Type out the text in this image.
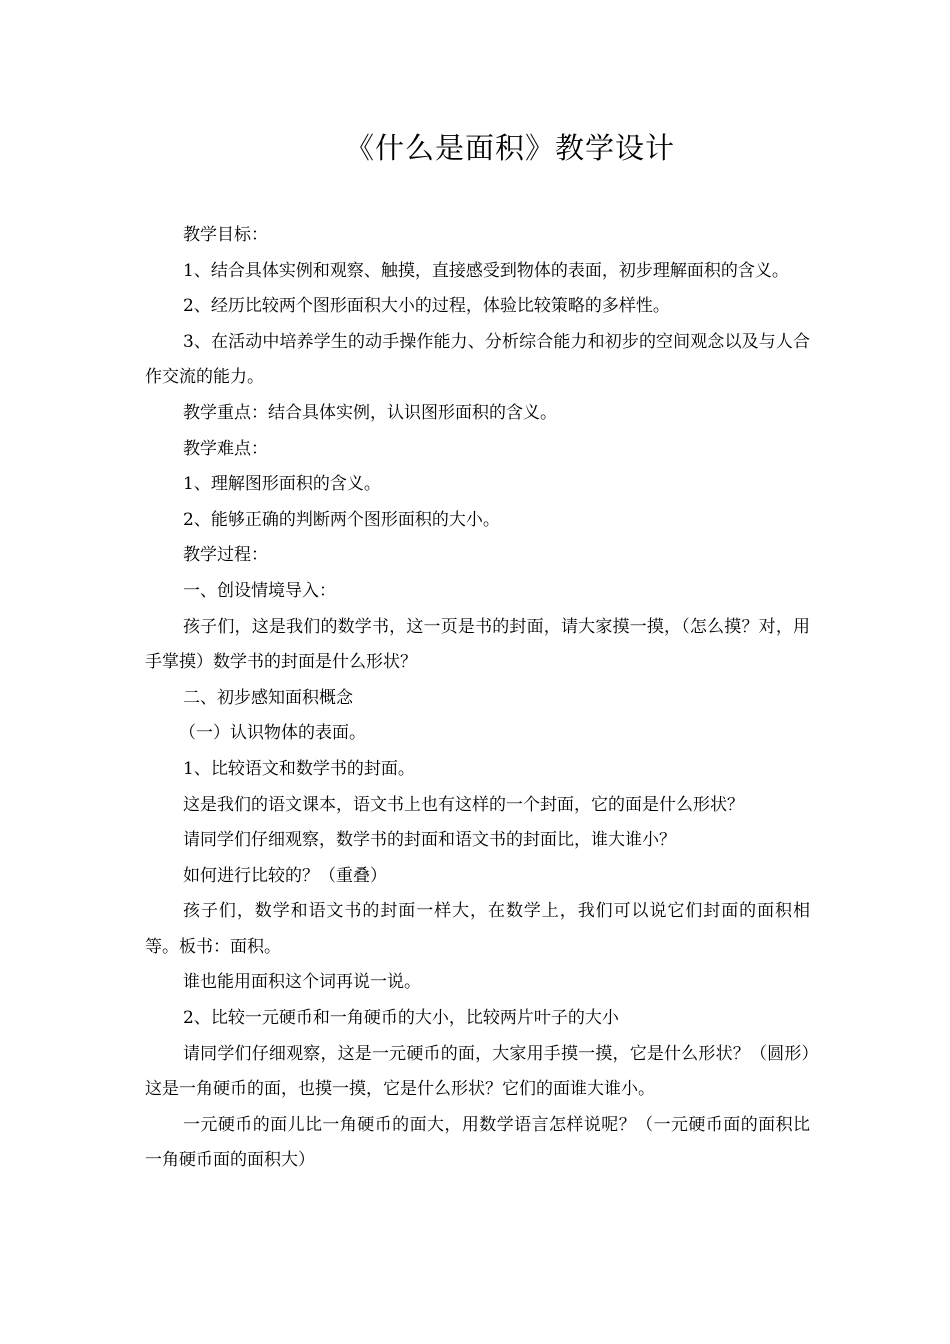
《什么是面积》教学设计

教学目标：

1、结合具体实例和观察、触摸，直接感受到物体的表面，初步理解面积的含义。

2、经历比较两个图形面积大小的过程，体验比较策略的多样性。

3、在活动中培养学生的动手操作能力、分析综合能力和初步的空间观念以及与人合作交流的能力。

教学重点：结合具体实例，认识图形面积的含义。

教学难点：

1、理解图形面积的含义。

2、能够正确的判断两个图形面积的大小。

教学过程：

一、创设情境导入：

孩子们，这是我们的数学书，这一页是书的封面，请大家摸一摸，（怎么摸？对，用手掌摸）数学书的封面是什么形状？

二、初步感知面积概念

（一）认识物体的表面。

1、比较语文和数学书的封面。

这是我们的语文课本，语文书上也有这样的一个封面，它的面是什么形状？

请同学们仔细观察，数学书的封面和语文书的封面比，谁大谁小？

如何进行比较的？（重叠）

孩子们，数学和语文书的封面一样大，在数学上，我们可以说它们封面的面积相等。板书：面积。

谁也能用面积这个词再说一说。

2、比较一元硬币和一角硬币的大小，比较两片叶子的大小

请同学们仔细观察，这是一元硬币的面，大家用手摸一摸，它是什么形状？（圆形）这是一角硬币的面，也摸一摸，它是什么形状？它们的面谁大谁小。

一元硬币的面儿比一角硬币的面大，用数学语言怎样说呢？（一元硬币面的面积比一角硬币面的面积大）
